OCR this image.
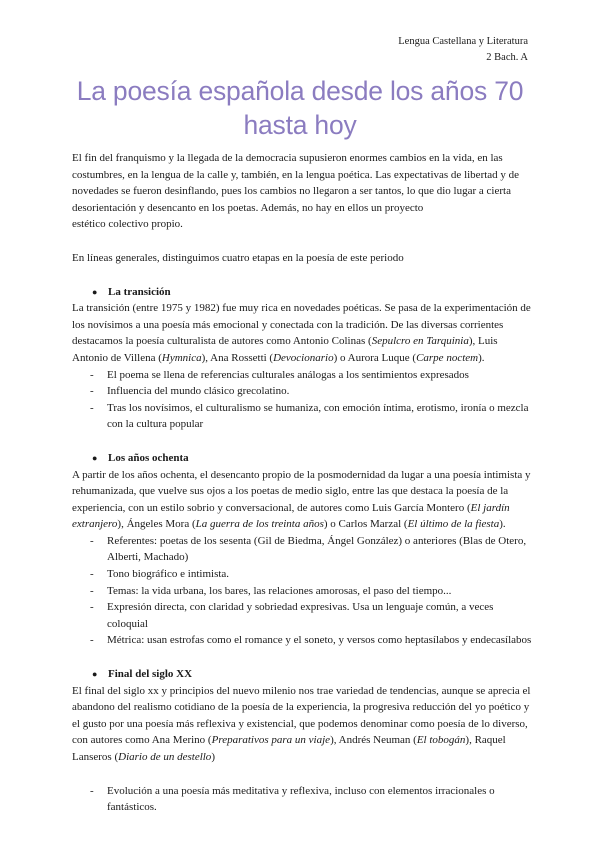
Lengua Castellana y Literatura
2 Bach. A
La poesía española desde los años 70
hasta hoy

El fin del franquismo y la llegada de la democracia supusieron enormes cambios en la vida, en las costumbres, en la lengua de la calle y, también, en la lengua poética. Las expectativas de libertad y de novedades se fueron desinflando, pues los cambios no llegaron a ser tantos, lo que dio lugar a cierta desorientación y desencanto en los poetas. Además, no hay en ellos un proyecto
estético colectivo propio.

En líneas generales, distinguimos cuatro etapas en la poesía de este periodo

● La transición

La transición (entre 1975 y 1982) fue muy rica en novedades poéticas. Se pasa de la experimentación de los novísimos a una poesía más emocional y conectada con la tradición. De las diversas corrientes destacamos la poesía culturalista de autores como Antonio Colinas (Sepulcro en Tarquinia), Luis Antonio de Villena (Hymnica), Ana Rossetti (Devocionario) o Aurora Luque (Carpe noctem).

- El poema se llena de referencias culturales análogas a los sentimientos expresados
- Influencia del mundo clásico grecolatino.
- Tras los novísimos, el culturalismo se humaniza, con emoción íntima, erotismo, ironía o mezcla con la cultura popular
● Los años ochenta

A partir de los años ochenta, el desencanto propio de la posmodernidad da lugar a una poesía intimista y rehumanizada, que vuelve sus ojos a los poetas de medio siglo, entre las que destaca la poesía de la experiencia, con un estilo sobrio y conversacional, de autores como Luis García Montero (El jardín extranjero), Ángeles Mora (La guerra de los treinta años) o Carlos Marzal (El último de la fiesta).

- Referentes: poetas de los sesenta (Gil de Biedma, Ángel González) o anteriores (Blas de Otero, Alberti, Machado)
- Tono biográfico e intimista.
- Temas: la vida urbana, los bares, las relaciones amorosas, el paso del tiempo...
- Expresión directa, con claridad y sobriedad expresivas. Usa un lenguaje común, a veces coloquial
- Métrica: usan estrofas como el romance y el soneto, y versos como heptasílabos y endecasílabos
● Final del siglo XX

El final del siglo xx y principios del nuevo milenio nos trae variedad de tendencias, aunque se aprecia el abandono del realismo cotidiano de la poesía de la experiencia, la progresiva reducción del yo poético y el gusto por una poesía más reflexiva y existencial, que podemos denominar como poesía de lo diverso, con autores como Ana Merino (Preparativos para un viaje), Andrés Neuman (El tobogán), Raquel Lanseros (Diario de un destello)

- Evolución a una poesía más meditativa y reflexiva, incluso con elementos irracionales o fantásticos.
